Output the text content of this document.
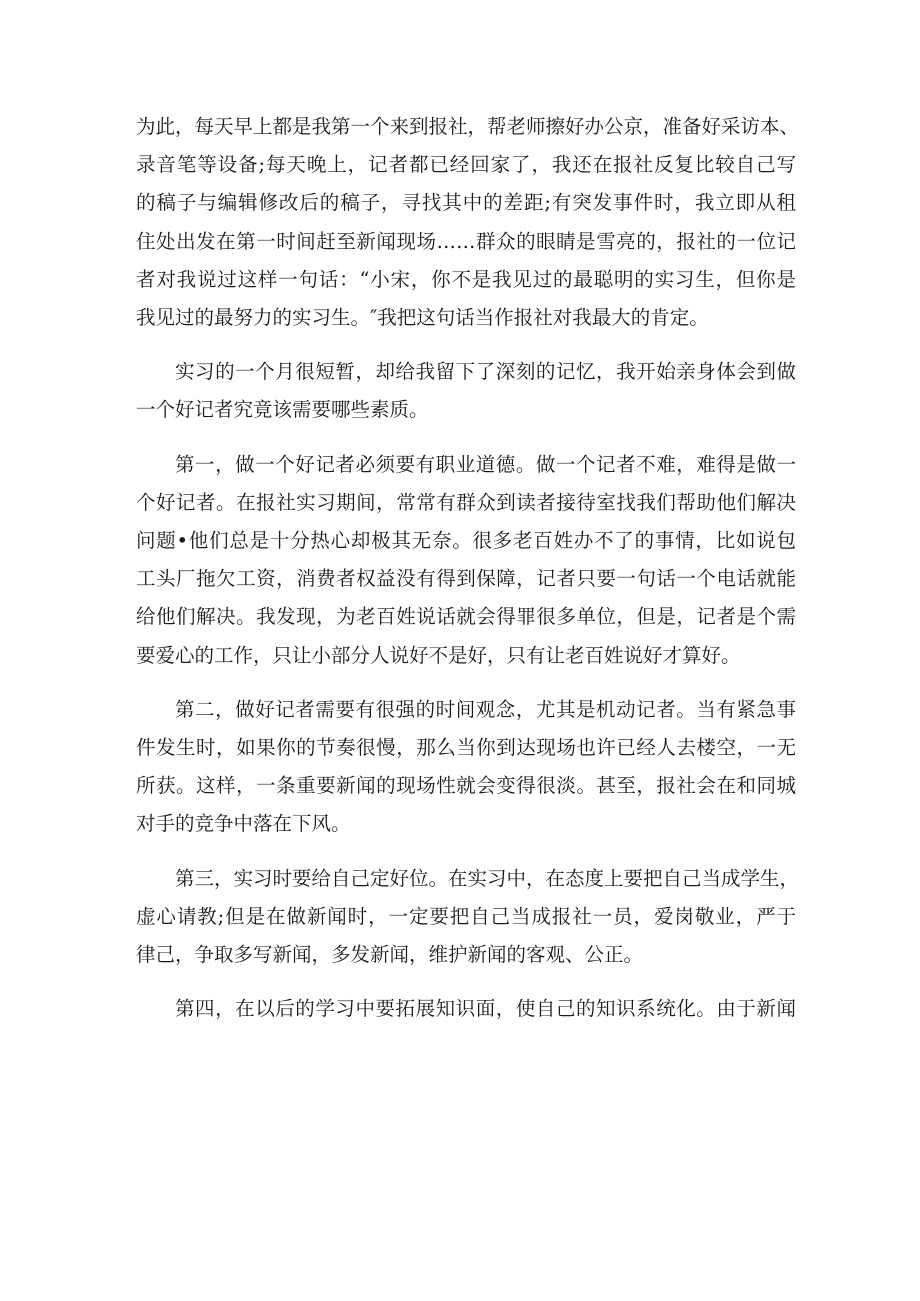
为此，每天早上都是我第一个来到报社，帮老师擦好办公京，准备好采访本、
录音笔等设备;每天晚上，记者都已经回家了，我还在报社反复比较自己写
的稿子与编辑修改后的稿子，寻找其中的差距;有突发事件时，我立即从租
住处出发在第一时间赶至新闻现场……群众的眼睛是雪亮的，报社的一位记
者对我说过这样一句话：“小宋，你不是我见过的最聪明的实习生，但你是
我见过的最努力的实习生。″我把这句话当作报社对我最大的肯定。

实习的一个月很短暂，却给我留下了深刻的记忆，我开始亲身体会到做
一个好记者究竟该需要哪些素质。

第一，做一个好记者必须要有职业道德。做一个记者不难，难得是做一
个好记者。在报社实习期间，常常有群众到读者接待室找我们帮助他们解决
问题•他们总是十分热心却极其无奈。很多老百姓办不了的事情，比如说包
工头厂拖欠工资，消费者权益没有得到保障，记者只要一句话一个电话就能
给他们解决。我发现，为老百姓说话就会得罪很多单位，但是，记者是个需
要爱心的工作，只让小部分人说好不是好，只有让老百姓说好才算好。

第二，做好记者需要有很强的时间观念，尤其是机动记者。当有紧急事
件发生时，如果你的节奏很慢，那么当你到达现场也许已经人去楼空，一无
所获。这样，一条重要新闻的现场性就会变得很淡。甚至，报社会在和同城
对手的竞争中落在下风。

第三，实习时要给自己定好位。在实习中，在态度上要把自己当成学生，
虚心请教;但是在做新闻时，一定要把自己当成报社一员，爱岗敬业，严于
律己，争取多写新闻，多发新闻，维护新闻的客观、公正。

第四，在以后的学习中要拓展知识面，使自己的知识系统化。由于新闻
